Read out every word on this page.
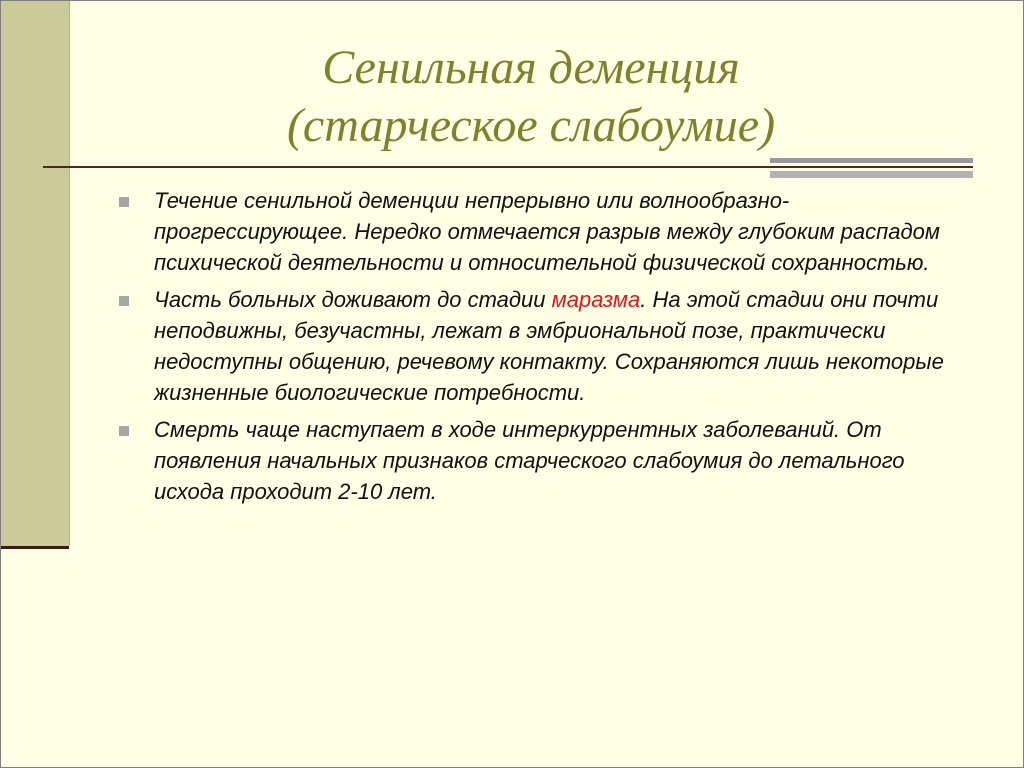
Сенильная деменция
(старческое слабоумие)
Течение сенильной деменции непрерывно или волнообразно-прогрессирующее. Нередко отмечается разрыв между глубоким распадом психической деятельности и относительной физической сохранностью.
Часть больных доживают до стадии маразма. На этой стадии они почти неподвижны, безучастны, лежат в эмбриональной позе, практически недоступны общению, речевому контакту. Сохраняются лишь некоторые жизненные биологические потребности.
Смерть чаще наступает в ходе интеркуррентных заболеваний. От появления начальных признаков старческого слабоумия до летального исхода проходит 2-10 лет.
